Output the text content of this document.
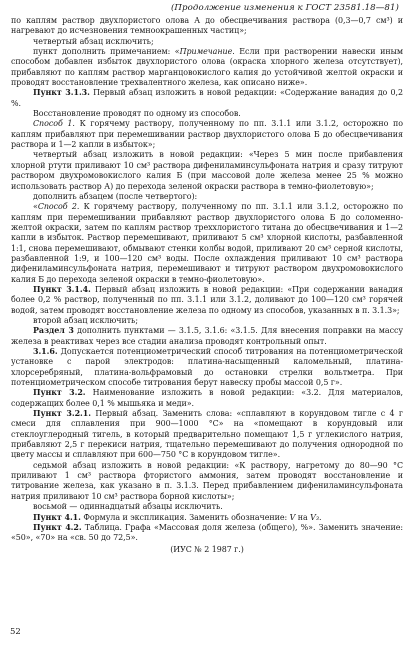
(Продолжение изменения к ГОСТ 23581.18—81)

по каплям раствор двухлористого олова А до обесцвечивания раствора (0,3—0,7 см³) и нагревают до исчезновения темноокрашенных частиц»;

четвертый абзац исключить;

пункт дополнить примечанием: «Примечание. Если при растворении навески иным способом добавлен избыток двухлористого олова (окраска хлорного железа отсутствует), прибавляют по каплям раствор марганцовокислого калия до устойчивой желтой окраски и проводят восстановление трехвалентного железа, как описано ниже».

Пункт 3.1.3. Первый абзац изложить в новой редакции: «Содержание ванадия до 0,2 %.

Восстановление проводят по одному из способов.

Способ 1. К горячему раствору, полученному по пп. 3.1.1 или 3.1.2, осторожно по каплям прибавляют при перемешивании раствор двухлористого олова Б до обесцвечивания раствора и 1—2 капли в избыток»;

четвертый абзац изложить в новой редакции: «Через 5 мин после прибавления хлорной ртути приливают 10 см³ раствора дифениламинсульфоната натрия и сразу титруют раствором двухромовокислого калия Б (при массовой доле железа менее 25 % можно использовать раствор А) до перехода зеленой окраски раствора в темно-фиолетовую»;

дополнить абзацем (после четвертого):

«Способ 2. К горячему раствору, полученному по пп. 3.1.1 или 3.1.2, осторожно по каплям при перемешивании прибавляют раствор двухлористого олова Б до соломенно-желтой окраски, затем по каплям раствор треххлористого титана до обесцвечивания и 1—2 капли в избыток. Раствор перемешивают, приливают 5 см³ хлорной кислоты, разбавленной 1:1, снова перемешивают, обмывают стенки колбы водой, приливают 20 см³ серной кислоты, разбавленной 1:9, и 100—120 см³ воды. После охлаждения приливают 10 см³ раствора дифениламинсульфоната натрия, перемешивают и титруют раствором двухромовокислого калия Б до перехода зеленой окраски в темно-фиолетовую».

Пункт 3.1.4. Первый абзац изложить в новой редакции: «При содержании ванадия более 0,2 % раствор, полученный по пп. 3.1.1 или 3.1.2, доливают до 100—120 см³ горячей водой, затем проводят восстановление железа по одному из способов, указанных в п. 3.1.3»;

второй абзац исключить;

Раздел 3 дополнить пунктами — 3.1.5, 3.1.6: «3.1.5. Для внесения поправки на массу железа в реактивах через все стадии анализа проводят контрольный опыт.

3.1.6. Допускается потенциометрический способ титрования на потенциометрической установке с парой электродов: платина-насыщенный каломельный, платина-хлорсеребряный, платина-вольфрамовый до остановки стрелки вольтметра. При потенциометрическом способе титрования берут навеску пробы массой 0,5 г».

Пункт 3.2. Наименование изложить в новой редакции: «3.2. Для материалов, содержащих более 0,1 % мышьяка и меди».

Пункт 3.2.1. Первый абзац. Заменить слова: «сплавляют в корундовом тигле с 4 г смеси для сплавления при 900—1000 °С» на «помещают в корундовый или стеклоуглеродный тигель, в который предварительно помещают 1,5 г углекислого натрия, прибавляют 2,5 г перекиси натрия, тщательно перемешивают до получения однородной по цвету массы и сплавляют при 600—750 °С в корундовом тигле».

седьмой абзац изложить в новой редакции: «К раствору, нагретому до 80—90 °С приливают 1 см³ раствора фтористого аммония, затем проводят восстановление и титрование железа, как указано в п. 3.1.3. Перед прибавлением дифениламинсульфоната натрия приливают 10 см³ раствора борной кислоты»;

восьмой — одиннадцатый абзацы исключить.

Пункт 4.1. Формула и экспликация. Заменить обозначение: V на V₃.

Пункт 4.2. Таблица. Графа «Массовая доля железа (общего), %». Заменить значение: «50», «70» на «св. 50 до 72,5».

(ИУС № 2 1987 г.)

52
